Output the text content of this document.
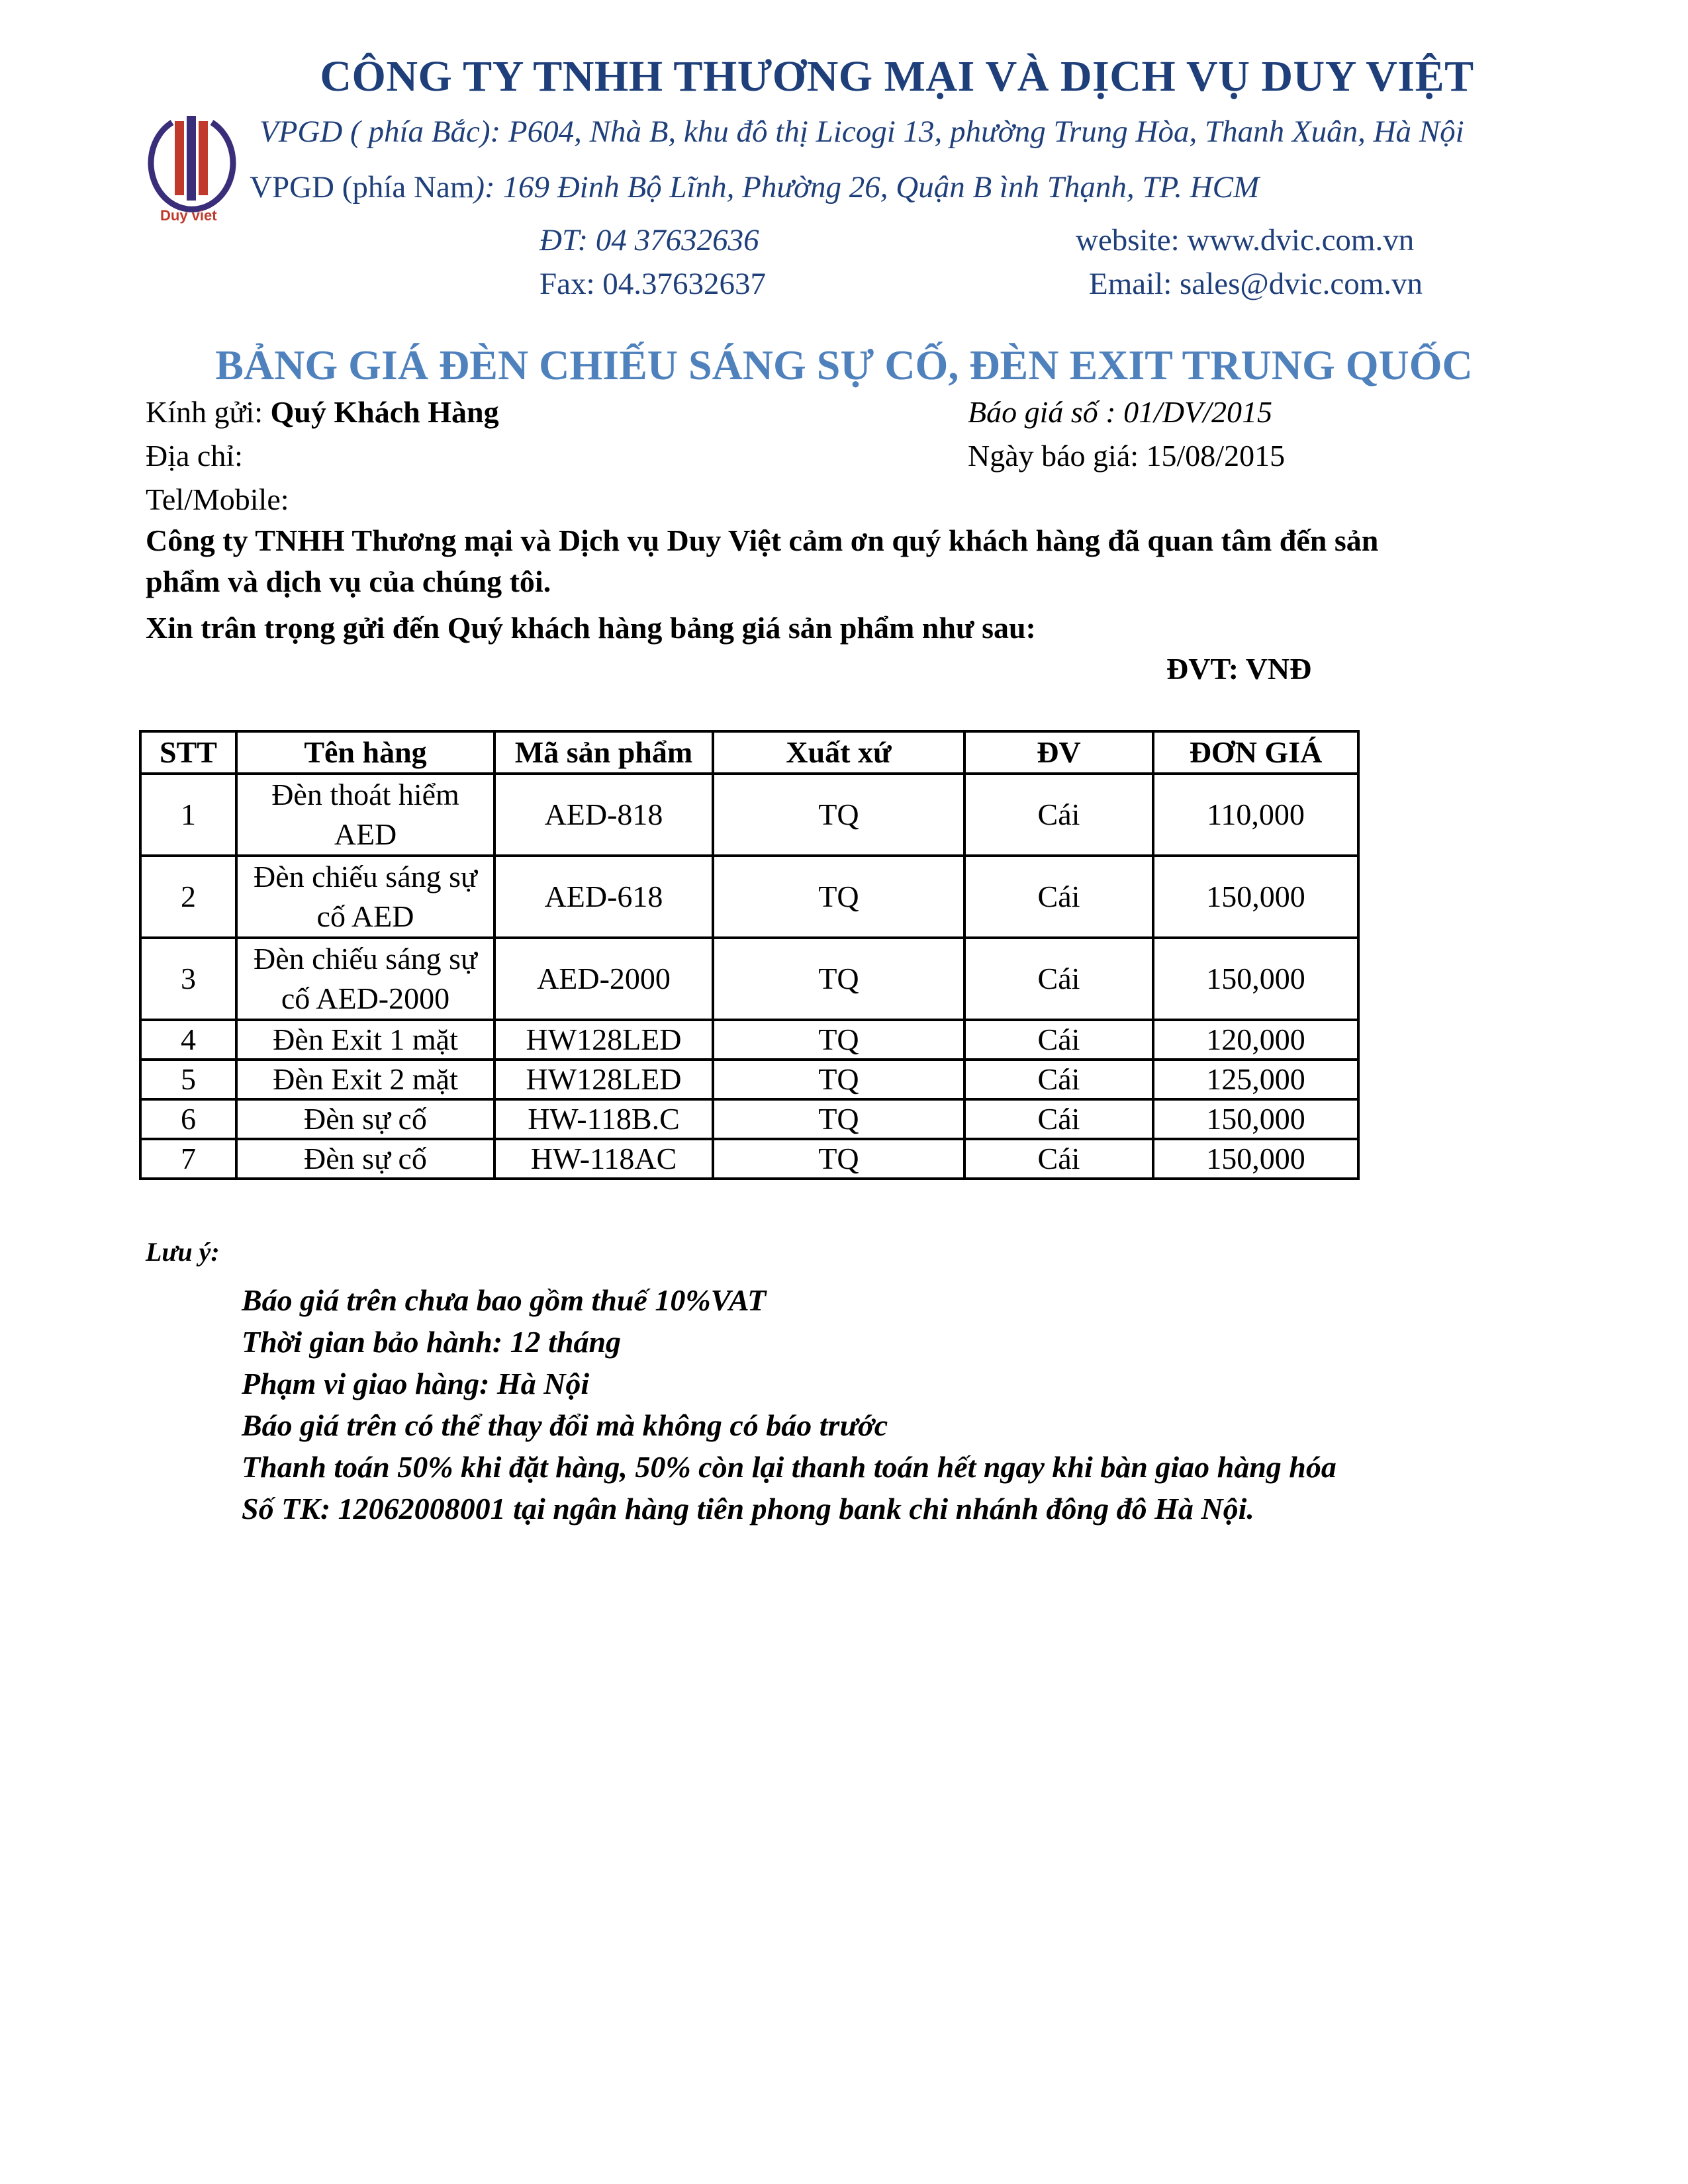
Duy viet
CÔNG TY TNHH THƯƠNG MẠI VÀ DỊCH VỤ DUY VIỆT
VPGD ( phía Bắc): P604, Nhà B, khu đô thị Licogi 13, phường Trung Hòa, Thanh Xuân, Hà Nội
VPGD (phía Nam): 169 Đinh Bộ Lĩnh, Phường 26, Quận B ình Thạnh, TP. HCM
ĐT: 04 37632636
Fax: 04.37632637
website: www.dvic.com.vn
Email: sales@dvic.com.vn
BẢNG GIÁ ĐÈN CHIẾU SÁNG SỰ CỐ, ĐÈN EXIT TRUNG QUỐC
Kính gửi: Quý Khách Hàng	Báo giá số : 01/DV/2015
Địa chỉ:	Ngày báo giá: 15/08/2015
Tel/Mobile:
Công ty TNHH Thương mại và Dịch vụ Duy Việt cảm ơn quý khách hàng đã quan tâm đến sản
phẩm và dịch vụ của chúng tôi.
Xin trân trọng gửi đến Quý khách hàng bảng giá sản phẩm như sau:
ĐVT: VNĐ
STT	Tên hàng	Mã sản phẩm	Xuất xứ	ĐV	ĐƠN GIÁ
1	Đèn thoát hiểm AED	AED-818	TQ	Cái	110,000
2	Đèn chiếu sáng sự cố AED	AED-618	TQ	Cái	150,000
3	Đèn chiếu sáng sự cố AED-2000	AED-2000	TQ	Cái	150,000
4	Đèn Exit 1 mặt	HW128LED	TQ	Cái	120,000
5	Đèn Exit 2 mặt	HW128LED	TQ	Cái	125,000
6	Đèn sự cố	HW-118B.C	TQ	Cái	150,000
7	Đèn sự cố	HW-118AC	TQ	Cái	150,000
Lưu ý:
Báo giá trên chưa bao gồm thuế 10%VAT
Thời gian bảo hành: 12 tháng
Phạm vi giao hàng: Hà Nội
Báo giá trên có thể thay đổi mà không có báo trước
Thanh toán 50% khi đặt hàng, 50% còn lại thanh toán hết ngay khi bàn giao hàng hóa
Số TK: 12062008001 tại ngân hàng tiên phong bank chi nhánh đông đô Hà Nội.
